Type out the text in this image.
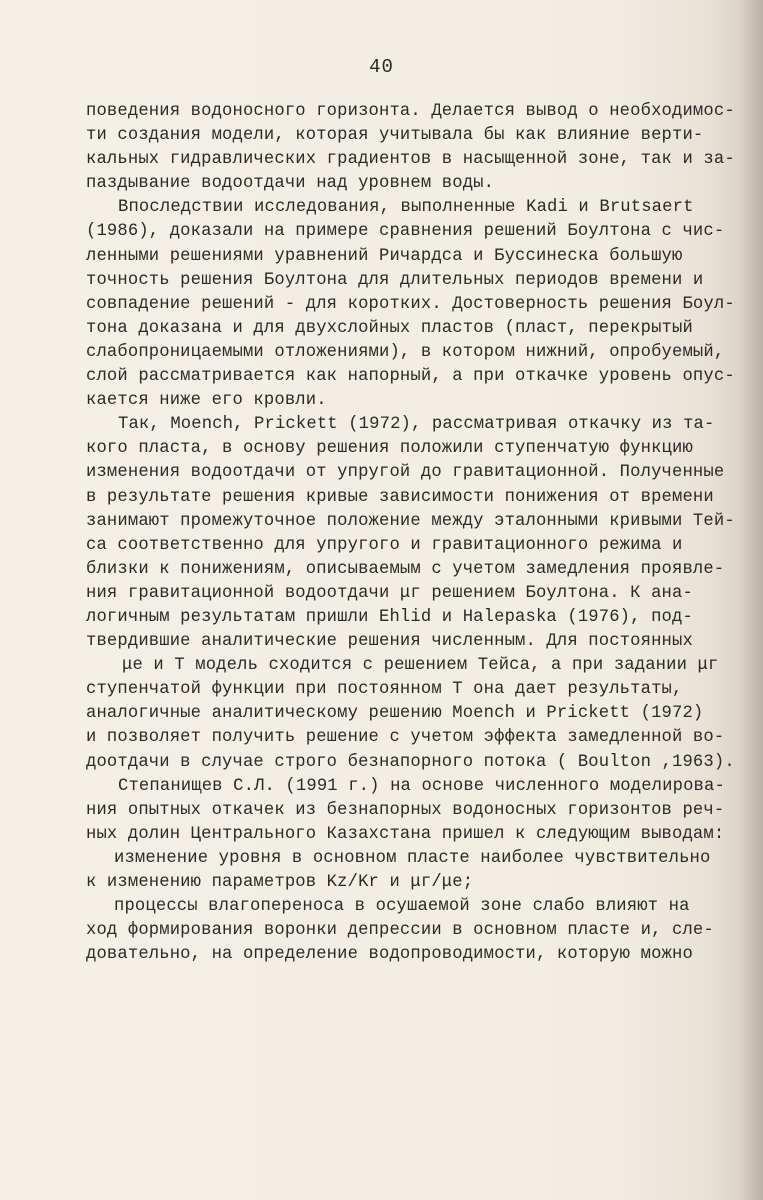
40
поведения водоносного горизонта. Делается вывод о необходимос-
ти создания модели, которая учитывала бы как влияние верти-
кальных гидравлических градиентов в насыщенной зоне, так и за-
паздывание водоотдачи над уровнем воды.
Впоследствии исследования, выполненные Kadi и Brutsaert
(1986), доказали на примере сравнения решений Боултона с чис-
ленными решениями уравнений Ричардса и Буссинеска большую
точность решения Боултона для длительных периодов времени и
совпадение решений - для коротких. Достоверность решения Боул-
тона доказана и для двухслойных пластов (пласт, перекрытый
слабопроницаемыми отложениями), в котором нижний, опробуемый,
слой рассматривается как напорный, а при откачке уровень опус-
кается ниже его кровли.
Так, Moench, Prickett (1972), рассматривая откачку из та-
кого пласта, в основу решения положили ступенчатую функцию
изменения водоотдачи от упругой до гравитационной. Полученные
в результате решения кривые зависимости понижения от времени
занимают промежуточное положение между эталонными кривыми Тей-
са соответственно для упругого и гравитационного режима и
близки к понижениям, описываемым с учетом замедления проявле-
ния гравитационной водоотдачи μг решением Боултона. К ана-
логичным результатам пришли Ehlid и Halepaska (1976), под-
твердившие аналитические решения численным. Для постоянных
μe и T модель сходится с решением Тейса, а при задании μг
ступенчатой функции при постоянном T она дает результаты,
аналогичные аналитическому решению Moench и Prickett (1972)
и позволяет получить решение с учетом эффекта замедленной во-
доотдачи в случае строго безнапорного потока ( Boulton ,1963).
Степанищев С.Л. (1991 г.) на основе численного моделирова-
ния опытных откачек из безнапорных водоносных горизонтов реч-
ных долин Центрального Казахстана пришел к следующим выводам:
изменение уровня в основном пласте наиболее чувствительно
к изменению параметров Kz/Kr и μг/μe;
процессы влагопереноса в осушаемой зоне слабо влияют на
ход формирования воронки депрессии в основном пласте и, сле-
довательно, на определение водопроводимости, которую можно
